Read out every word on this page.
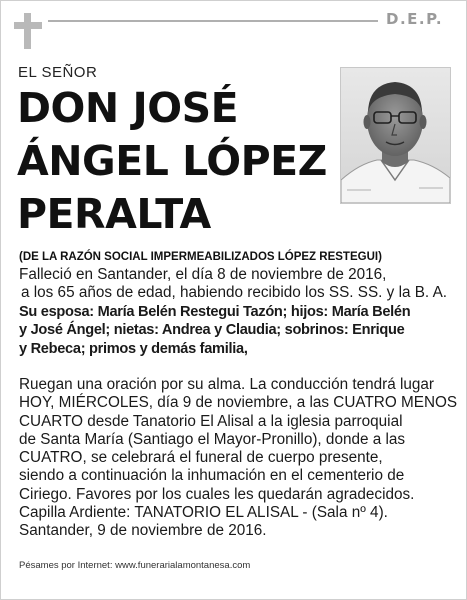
D.E.P.
EL SEÑOR
DON JOSÉ
ÁNGEL LÓPEZ
PERALTA
(DE LA RAZÓN SOCIAL IMPERMEABILIZADOS LÓPEZ RESTEGUI)
Falleció en Santander, el día 8 de noviembre de 2016,
a los 65 años de edad, habiendo recibido los SS. SS. y la B. A.
Su esposa: María Belén Restegui Tazón; hijos: María Belén
y José Ángel; nietas: Andrea y Claudia; sobrinos: Enrique
y Rebeca; primos y demás familia,
Ruegan una oración por su alma. La conducción tendrá lugar
HOY, MIÉRCOLES, día 9 de noviembre, a las CUATRO MENOS
CUARTO desde Tanatorio El Alisal a la iglesia parroquial
de Santa María (Santiago el Mayor-Pronillo), donde a las
CUATRO, se celebrará el funeral de cuerpo presente,
siendo a continuación la inhumación en el cementerio de
Ciriego. Favores por los cuales les quedarán agradecidos.
Capilla Ardiente: TANATORIO EL ALISAL - (Sala nº 4).
Santander, 9 de noviembre de 2016.
Pésames por Internet: www.funerarialamontanesa.com
